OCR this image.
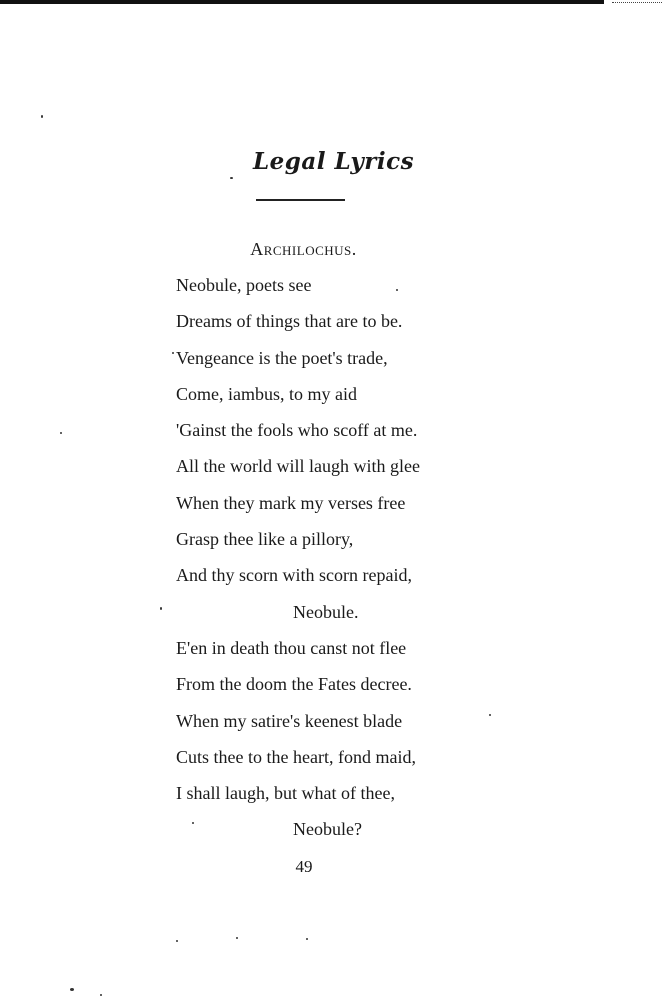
Legal Lyrics
Archilochus.
Neobule, poets see
Dreams of things that are to be.
Vengeance is the poet's trade,
Come, iambus, to my aid
'Gainst the fools who scoff at me.
All the world will laugh with glee
When they mark my verses free
Grasp thee like a pillory,
And thy scorn with scorn repaid,
Neobule.
E'en in death thou canst not flee
From the doom the Fates decree.
When my satire's keenest blade
Cuts thee to the heart, fond maid,
I shall laugh, but what of thee,
Neobule?
49
